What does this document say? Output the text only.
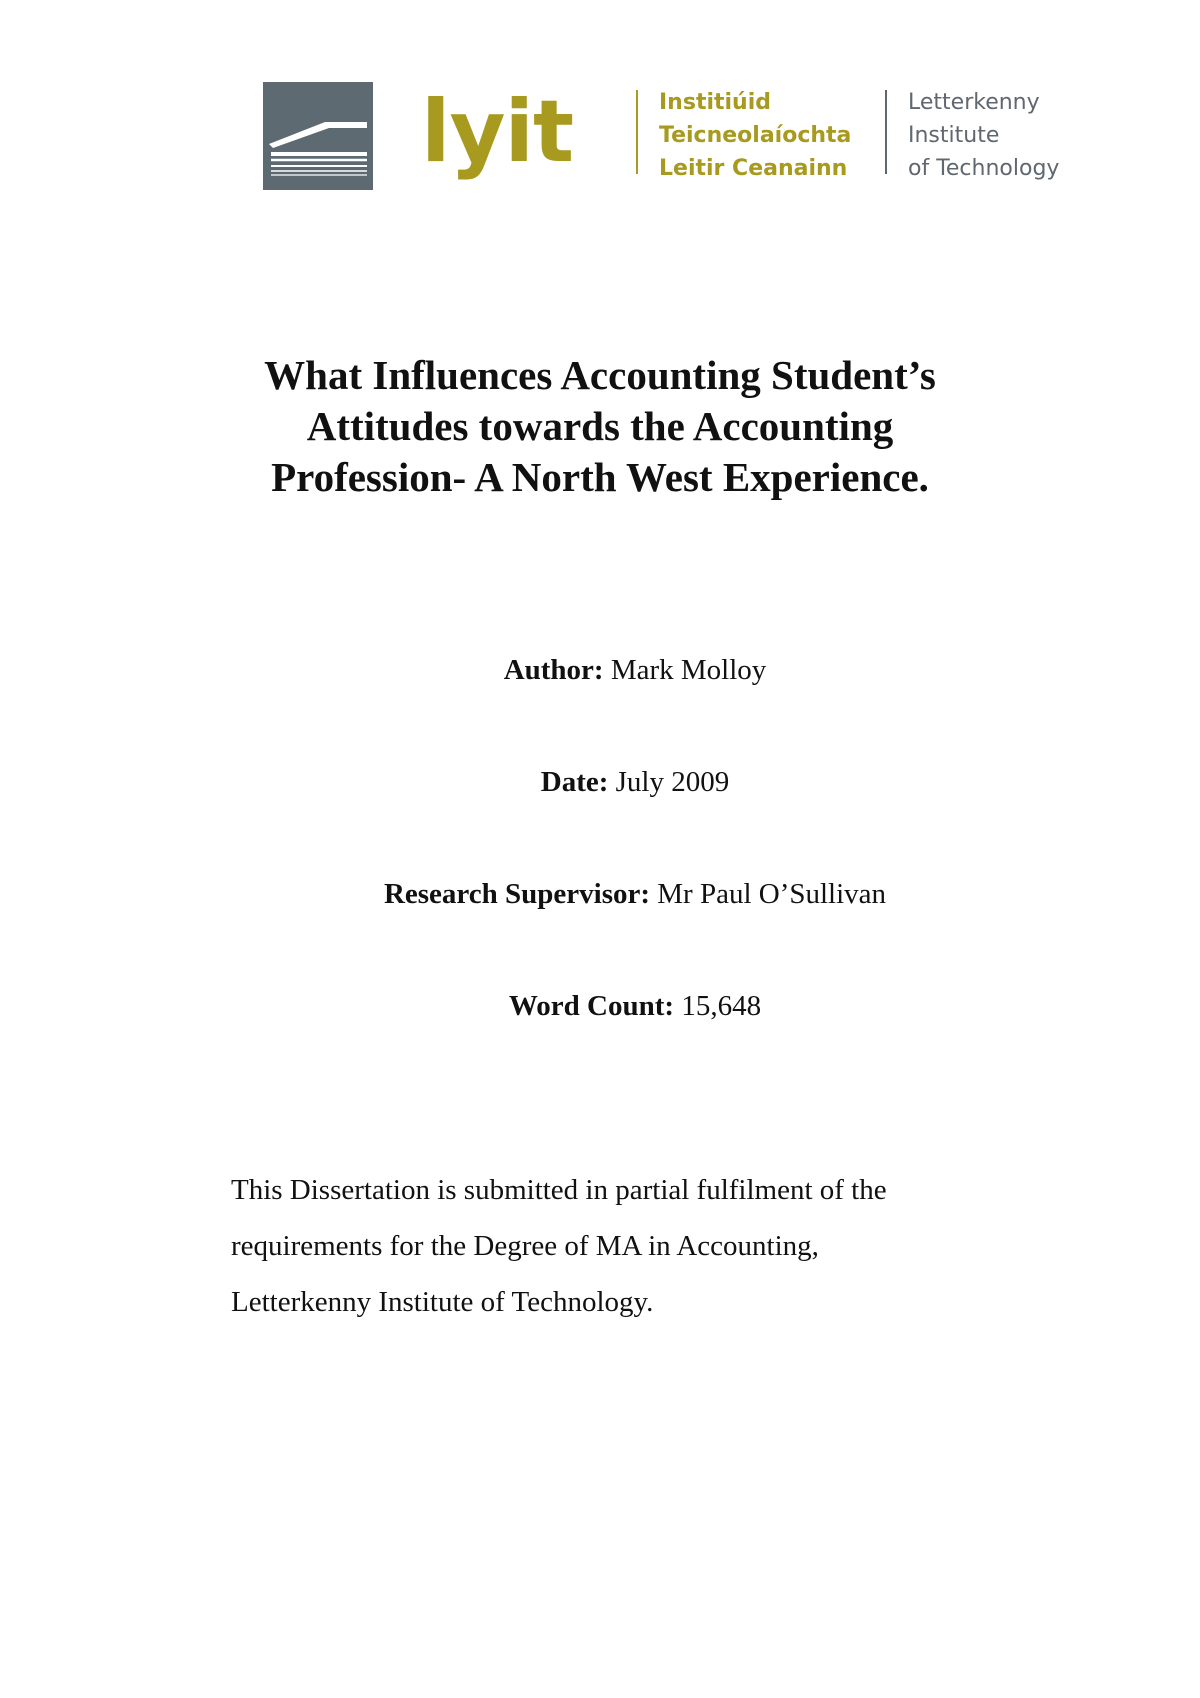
lyit	Institiúid
Teicneolaíochta
Leitir Ceanainn
Letterkenny
Institute
of Technology
What Influences Accounting Student’s
Attitudes towards the Accounting
Profession- A North West Experience.
Author: Mark Molloy
Date: July 2009
Research Supervisor: Mr Paul O’Sullivan
Word Count: 15,648
This Dissertation is submitted in partial fulfilment of the
requirements for the Degree of MA in Accounting,
Letterkenny Institute of Technology.
